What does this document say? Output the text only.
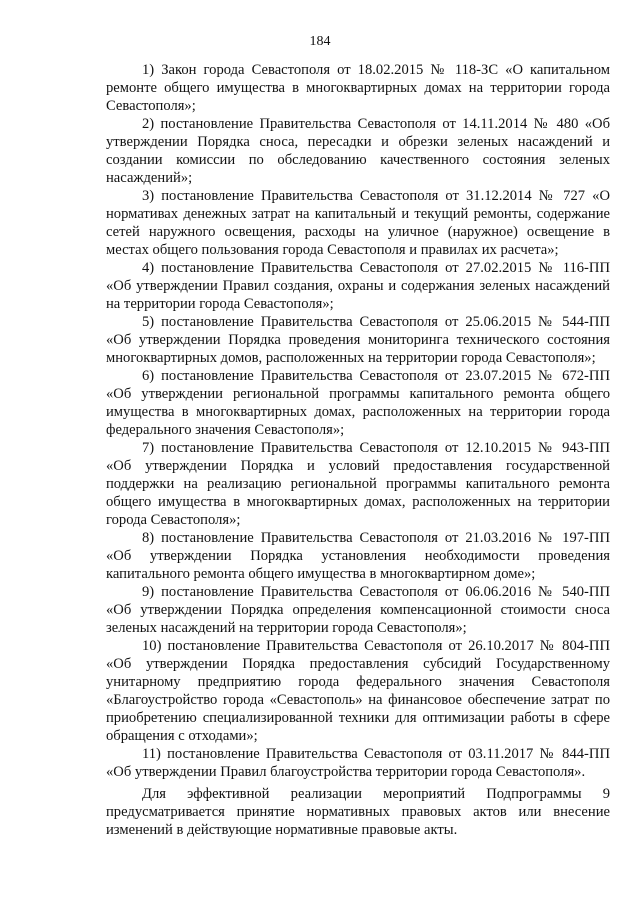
184

1) Закон города Севастополя от 18.02.2015 № 118-ЗС «О капитальном ремонте общего имущества в многоквартирных домах на территории города Севастополя»;

2) постановление Правительства Севастополя от 14.11.2014 № 480 «Об утверждении Порядка сноса, пересадки и обрезки зеленых насаждений и создании комиссии по обследованию качественного состояния зеленых насаждений»;

3) постановление Правительства Севастополя от 31.12.2014 № 727 «О нормативах денежных затрат на капитальный и текущий ремонты, содержание сетей наружного освещения, расходы на уличное (наружное) освещение в местах общего пользования города Севастополя и правилах их расчета»;

4) постановление Правительства Севастополя от 27.02.2015 № 116-ПП «Об утверждении Правил создания, охраны и содержания зеленых насаждений на территории города Севастополя»;

5) постановление Правительства Севастополя от 25.06.2015 № 544-ПП «Об утверждении Порядка проведения мониторинга технического состояния многоквартирных домов, расположенных на территории города Севастополя»;

6) постановление Правительства Севастополя от 23.07.2015 № 672-ПП «Об утверждении региональной программы капитального ремонта общего имущества в многоквартирных домах, расположенных на территории города федерального значения Севастополя»;

7) постановление Правительства Севастополя от 12.10.2015 № 943-ПП «Об утверждении Порядка и условий предоставления государственной поддержки на реализацию региональной программы капитального ремонта общего имущества в многоквартирных домах, расположенных на территории города Севастополя»;

8) постановление Правительства Севастополя от 21.03.2016 № 197-ПП «Об утверждении Порядка установления необходимости проведения капитального ремонта общего имущества в многоквартирном доме»;

9) постановление Правительства Севастополя от 06.06.2016 № 540-ПП «Об утверждении Порядка определения компенсационной стоимости сноса зеленых насаждений на территории города Севастополя»;

10) постановление Правительства Севастополя от 26.10.2017 № 804-ПП «Об утверждении Порядка предоставления субсидий Государственному унитарному предприятию города федерального значения Севастополя «Благоустройство города «Севастополь» на финансовое обеспечение затрат по приобретению специализированной техники для оптимизации работы в сфере обращения с отходами»;

11) постановление Правительства Севастополя от 03.11.2017 № 844-ПП «Об утверждении Правил благоустройства территории города Севастополя».

Для эффективной реализации мероприятий Подпрограммы 9 предусматривается принятие нормативных правовых актов или внесение изменений в действующие нормативные правовые акты.
